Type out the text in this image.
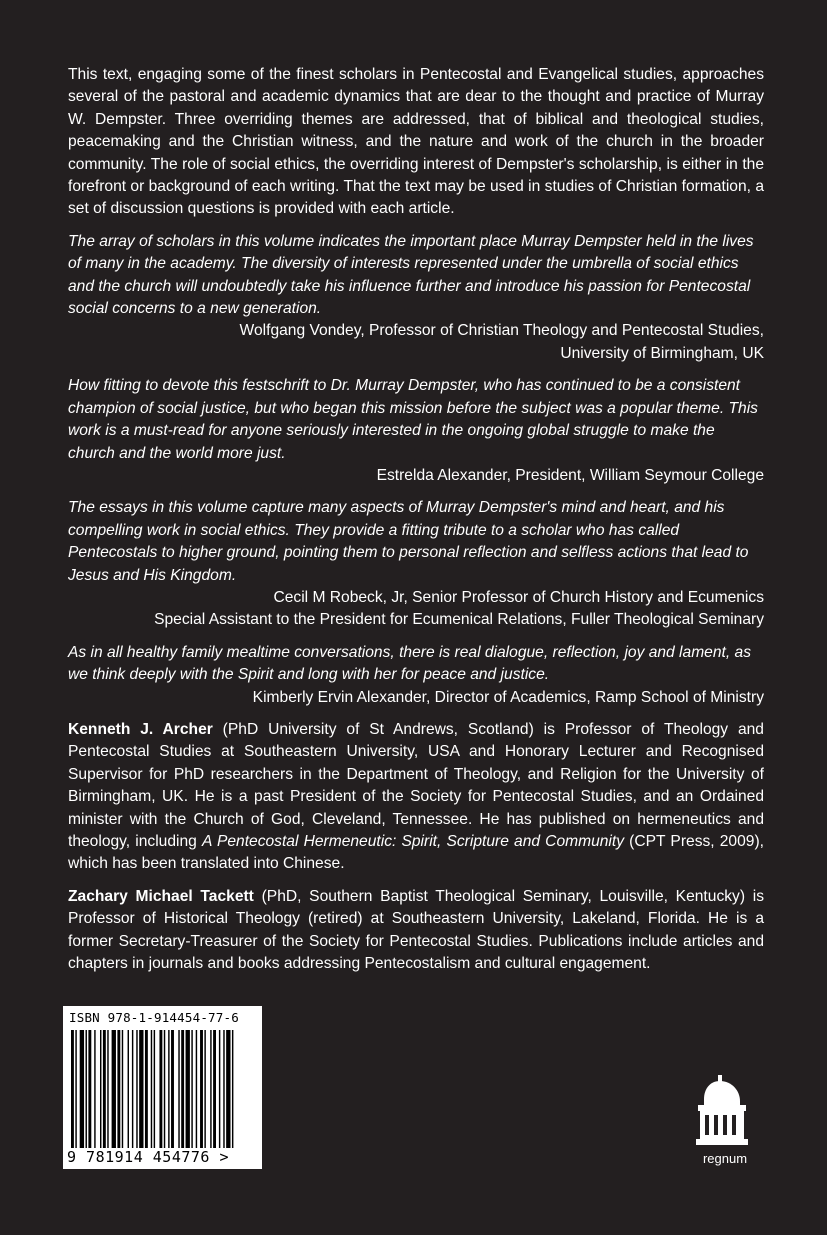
This text, engaging some of the finest scholars in Pentecostal and Evangelical studies, approaches several of the pastoral and academic dynamics that are dear to the thought and practice of Murray W. Dempster. Three overriding themes are addressed, that of biblical and theological studies, peacemaking and the Christian witness, and the nature and work of the church in the broader community. The role of social ethics, the overriding interest of Dempster's scholarship, is either in the forefront or background of each writing. That the text may be used in studies of Christian formation, a set of discussion questions is provided with each article.

The array of scholars in this volume indicates the important place Murray Dempster held in the lives of many in the academy. The diversity of interests represented under the umbrella of social ethics and the church will undoubtedly take his influence further and introduce his passion for Pentecostal social concerns to a new generation.

Wolfgang Vondey, Professor of Christian Theology and Pentecostal Studies,

University of Birmingham, UK

How fitting to devote this festschrift to Dr. Murray Dempster, who has continued to be a consistent champion of social justice, but who began this mission before the subject was a popular theme. This work is a must-read for anyone seriously interested in the ongoing global struggle to make the church and the world more just.

Estrelda Alexander, President, William Seymour College

The essays in this volume capture many aspects of Murray Dempster's mind and heart, and his compelling work in social ethics. They provide a fitting tribute to a scholar who has called Pentecostals to higher ground, pointing them to personal reflection and selfless actions that lead to Jesus and His Kingdom.

Cecil M Robeck, Jr, Senior Professor of Church History and Ecumenics

Special Assistant to the President for Ecumenical Relations, Fuller Theological Seminary

As in all healthy family mealtime conversations, there is real dialogue, reflection, joy and lament, as we think deeply with the Spirit and long with her for peace and justice.

Kimberly Ervin Alexander, Director of Academics, Ramp School of Ministry

Kenneth J. Archer (PhD University of St Andrews, Scotland) is Professor of Theology and Pentecostal Studies at Southeastern University, USA and Honorary Lecturer and Recognised Supervisor for PhD researchers in the Department of Theology, and Religion for the University of Birmingham, UK. He is a past President of the Society for Pentecostal Studies, and an Ordained minister with the Church of God, Cleveland, Tennessee. He has published on hermeneutics and theology, including A Pentecostal Hermeneutic: Spirit, Scripture and Community (CPT Press, 2009), which has been translated into Chinese.

Zachary Michael Tackett (PhD, Southern Baptist Theological Seminary, Louisville, Kentucky) is Professor of Historical Theology (retired) at Southeastern University, Lakeland, Florida. He is a former Secretary-Treasurer of the Society for Pentecostal Studies. Publications include articles and chapters in journals and books addressing Pentecostalism and cultural engagement.

ISBN 978-1-914454-77-6
9 781914 454776 >	regnum
